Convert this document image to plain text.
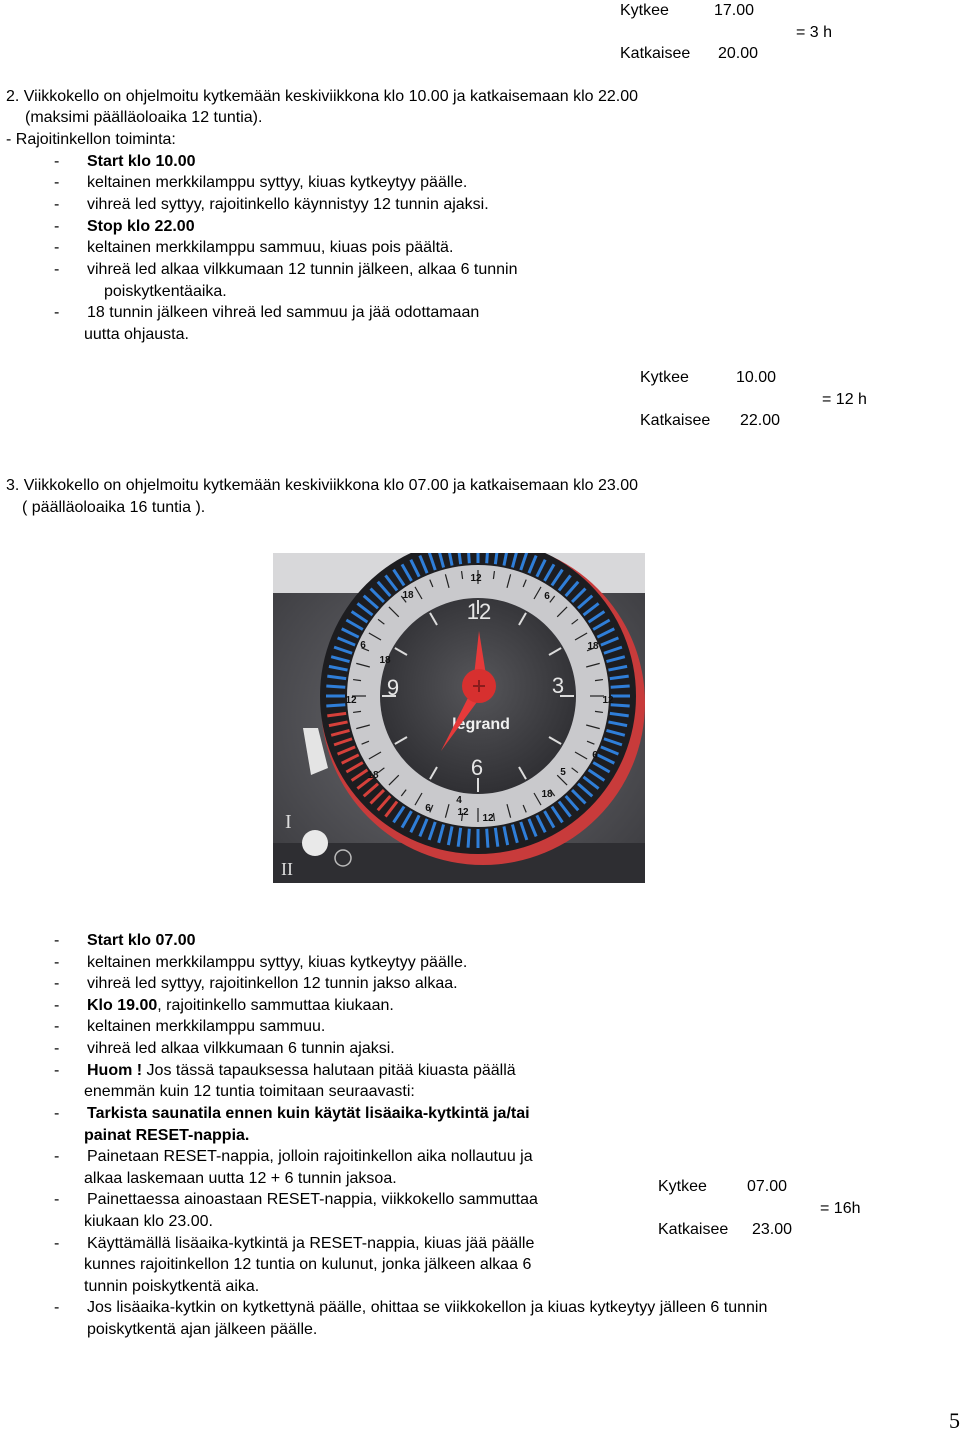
Kytkee	17.00
Katkaisee 20.00
= 3 h
2. Viikkokello on ohjelmoitu kytkemään keskiviikkona klo 10.00 ja katkaisemaan klo 22.00
(maksimi päälläoloaika 12 tuntia).
- Rajoitinkellon toiminta:
- Start klo 10.00
- keltainen merkkilamppu syttyy, kiuas kytkeytyy päälle.
- vihreä led syttyy, rajoitinkello käynnistyy 12 tunnin ajaksi.
- Stop klo 22.00
- keltainen merkkilamppu sammuu, kiuas pois päältä.
- vihreä led alkaa vilkkumaan 12 tunnin jälkeen, alkaa 6 tunnin
poiskytkentäaika.
- 18 tunnin jälkeen vihreä led sammuu ja jää odottamaan
uutta ohjausta.
Kytkee	10.00
Katkaisee 22.00
= 12 h
3. Viikkokello on ohjelmoitu kytkemään keskiviikkona klo 07.00 ja katkaisemaan klo 23.00
( päälläoloaika 16 tuntia ).
I
II
12
6
18
12
6
18
12
6
18
12
6
18
18
12
4
5
12
3
6
9
legrand
- Start klo 07.00
- keltainen merkkilamppu syttyy, kiuas kytkeytyy päälle.
- vihreä led syttyy, rajoitinkellon 12 tunnin jakso alkaa.
- Klo 19.00, rajoitinkello sammuttaa kiukaan.
- keltainen merkkilamppu sammuu.
- vihreä led alkaa vilkkumaan 6 tunnin ajaksi.
- Huom ! Jos tässä tapauksessa halutaan pitää kiuasta päällä
enemmän kuin 12 tuntia toimitaan seuraavasti:
- Tarkista saunatila ennen kuin käytät lisäaika-kytkintä ja/tai
painat RESET-nappia.
- Painetaan RESET-nappia, jolloin rajoitinkellon aika nollautuu ja
alkaa laskemaan uutta 12 + 6 tunnin jaksoa.
- Painettaessa ainoastaan RESET-nappia, viikkokello sammuttaa
kiukaan klo 23.00.
- Käyttämällä lisäaika-kytkintä ja RESET-nappia, kiuas jää päälle
kunnes rajoitinkellon 12 tuntia on kulunut, jonka jälkeen alkaa 6
tunnin poiskytkentä aika.
- Jos lisäaika-kytkin on kytkettynä päälle, ohittaa se viikkokellon ja kiuas kytkeytyy jälleen 6 tunnin
poiskytkentä ajan jälkeen päälle.
Kytkee	07.00
Katkaisee 23.00
= 16h
5
